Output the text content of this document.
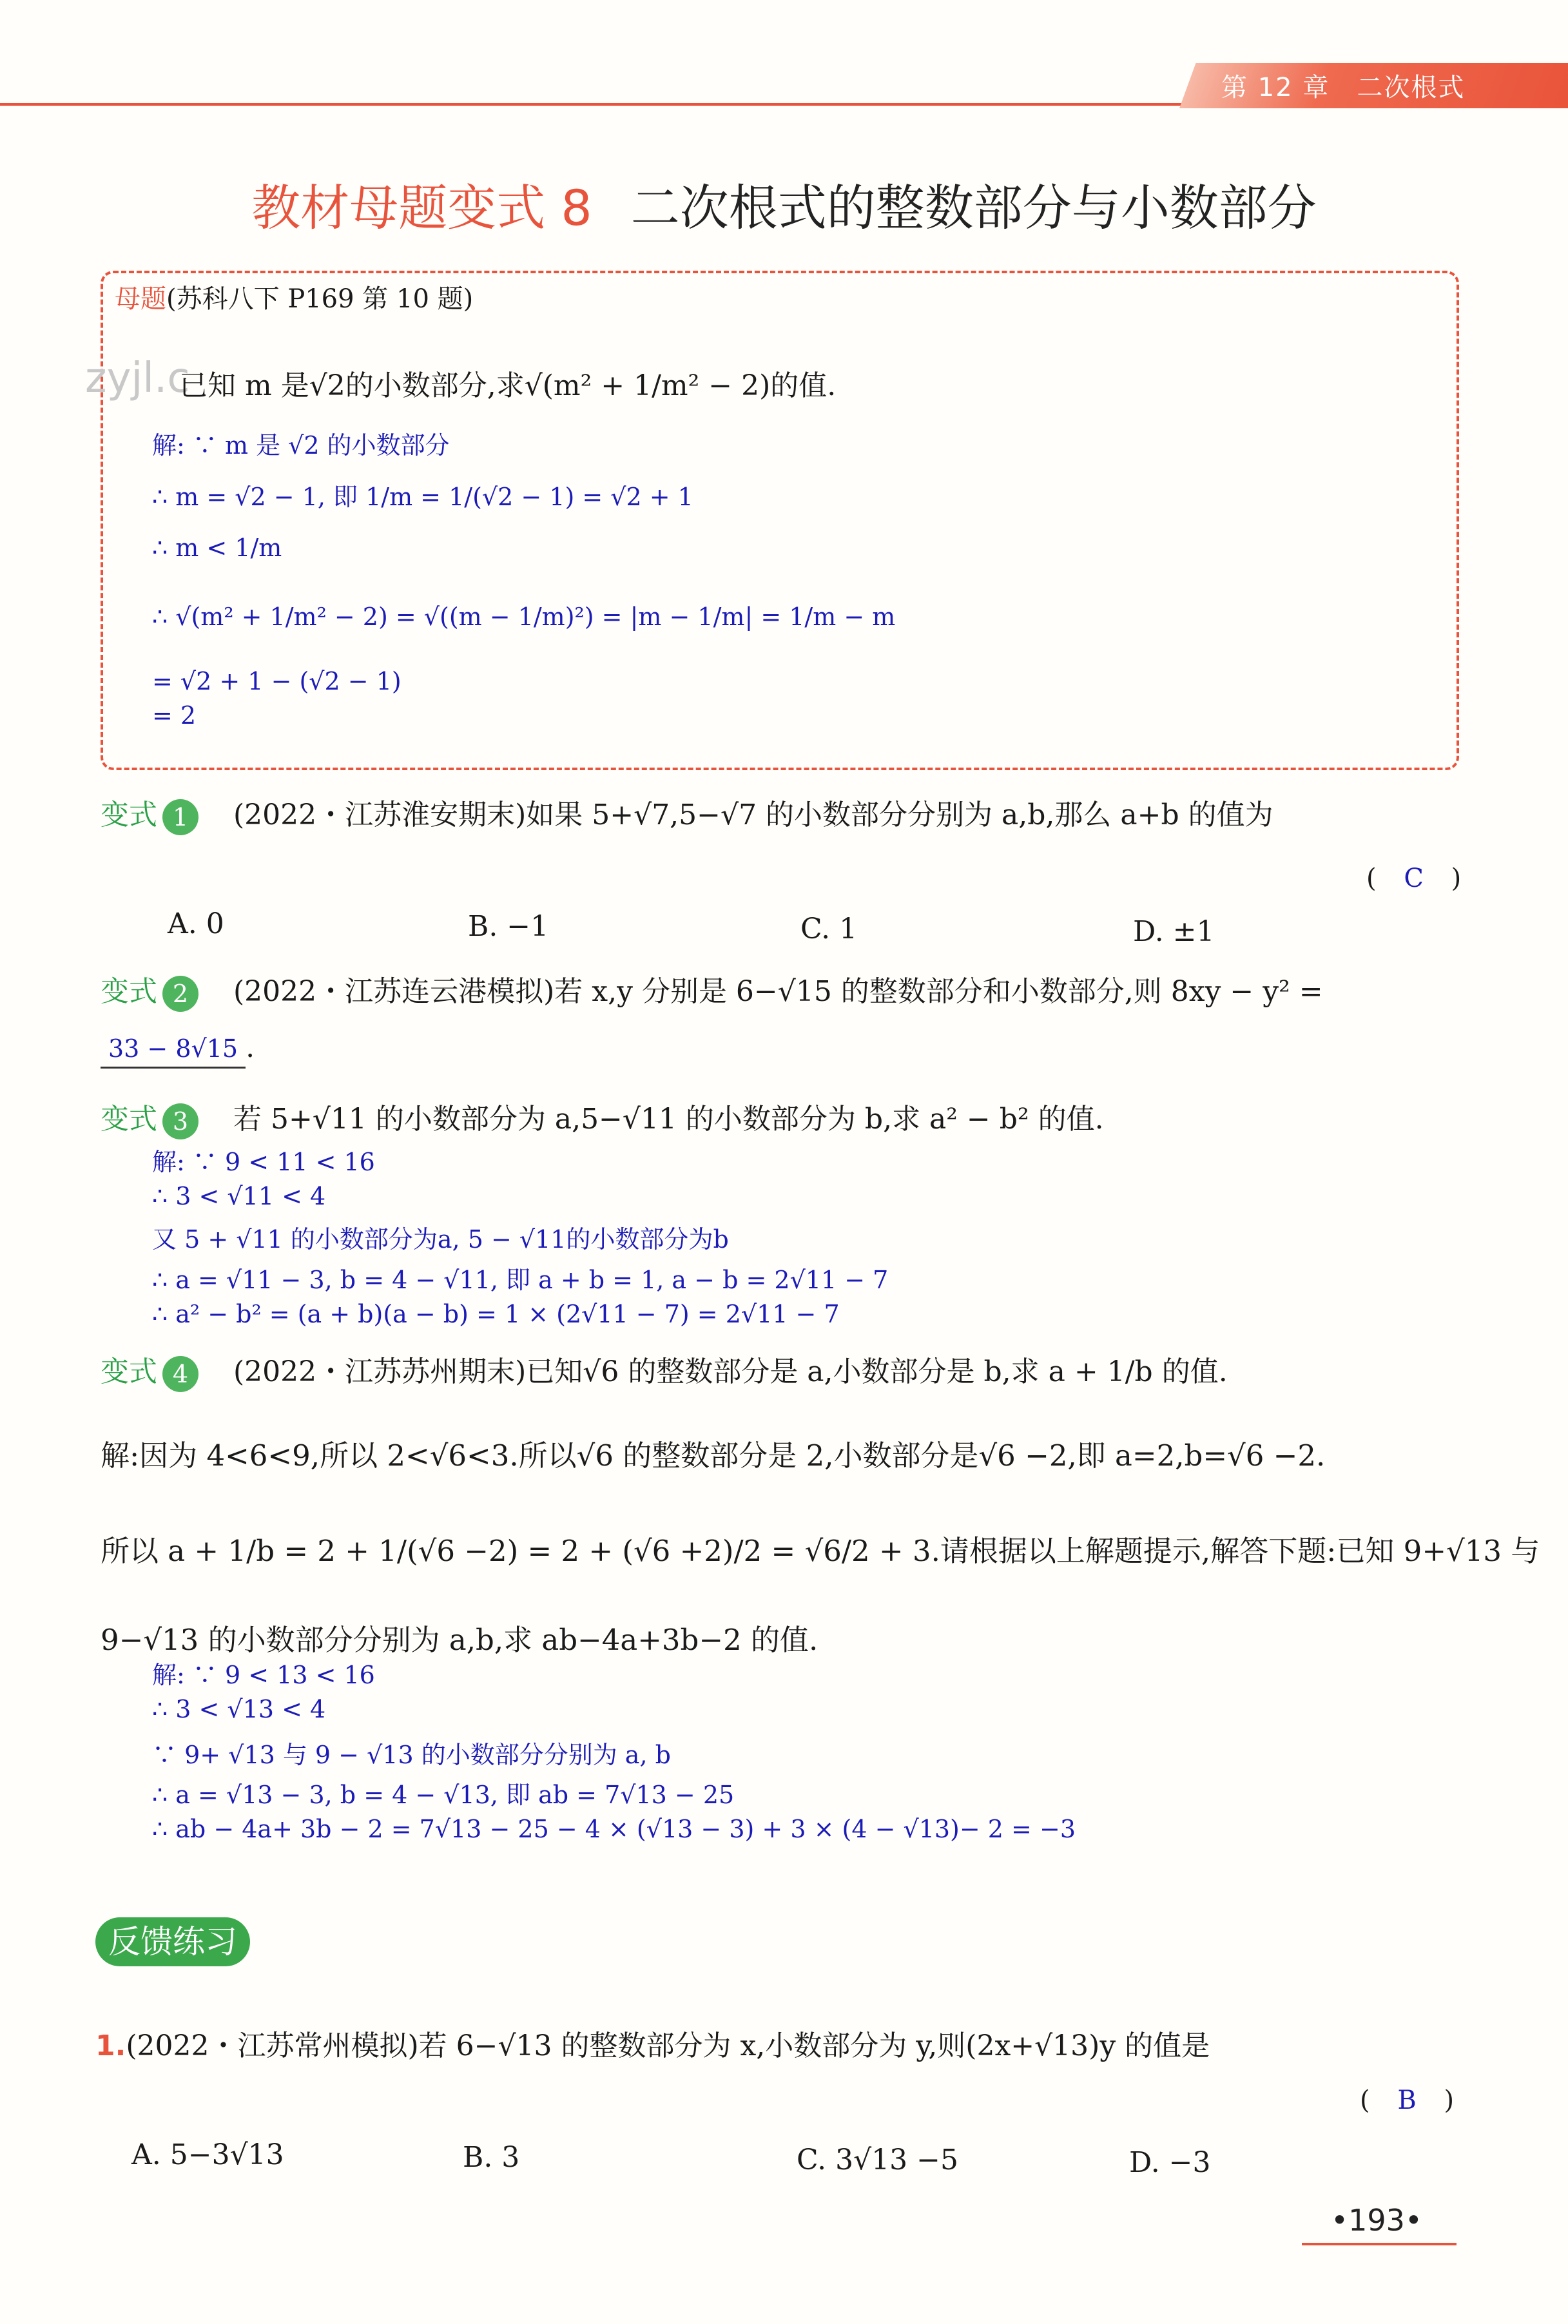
第 12 章　二次根式
教材母题变式 8 二次根式的整数部分与小数部分
zyjl.c
母题(苏科八下 P169 第 10 题)
已知 m 是√2的小数部分,求√(m² + 1/m² − 2)的值.
解: ∵ m 是 √2 的小数部分
∴ m = √2 − 1, 即 1/m = 1/(√2 − 1) = √2 + 1
∴ m < 1/m
∴ √(m² + 1/m² − 2) = √((m − 1/m)²) = |m − 1/m| = 1/m − m
= √2 + 1 − (√2 − 1)
= 2
变式 1 (2022・江苏淮安期末)如果 5+√7,5−√7 的小数部分分别为 a,b,那么 a+b 的值为
( C )
A. 0	B. −1	C. 1	D. ±1
变式 2 (2022・江苏连云港模拟)若 x,y 分别是 6−√15 的整数部分和小数部分,则 8xy − y² =
33 − 8√15 .
变式 3 若 5+√11 的小数部分为 a,5−√11 的小数部分为 b,求 a² − b² 的值.
解: ∵ 9 < 11 < 16
∴ 3 < √11 < 4
又 5 + √11 的小数部分为a, 5 − √11的小数部分为b
∴ a = √11 − 3, b = 4 − √11, 即 a + b = 1, a − b = 2√11 − 7
∴ a² − b² = (a + b)(a − b) = 1 × (2√11 − 7) = 2√11 − 7
变式 4 (2022・江苏苏州期末)已知√6 的整数部分是 a,小数部分是 b,求 a + 1/b 的值.
解:因为 4<6<9,所以 2<√6<3.所以√6 的整数部分是 2,小数部分是√6 −2,即 a=2,b=√6 −2.
所以 a + 1/b = 2 + 1/(√6 −2) = 2 + (√6 +2)/2 = √6/2 + 3.请根据以上解题提示,解答下题:已知 9+√13 与
9−√13 的小数部分分别为 a,b,求 ab−4a+3b−2 的值.
解: ∵ 9 < 13 < 16
∴ 3 < √13 < 4
∵ 9+ √13 与 9 − √13 的小数部分分别为 a, b
∴ a = √13 − 3, b = 4 − √13, 即 ab = 7√13 − 25
∴ ab − 4a+ 3b − 2 = 7√13 − 25 − 4 × (√13 − 3) + 3 × (4 − √13)− 2 = −3
反馈练习
1.(2022・江苏常州模拟)若 6−√13 的整数部分为 x,小数部分为 y,则(2x+√13)y 的值是
( B )
A. 5−3√13	B. 3	C. 3√13 −5	D. −3
•193•
